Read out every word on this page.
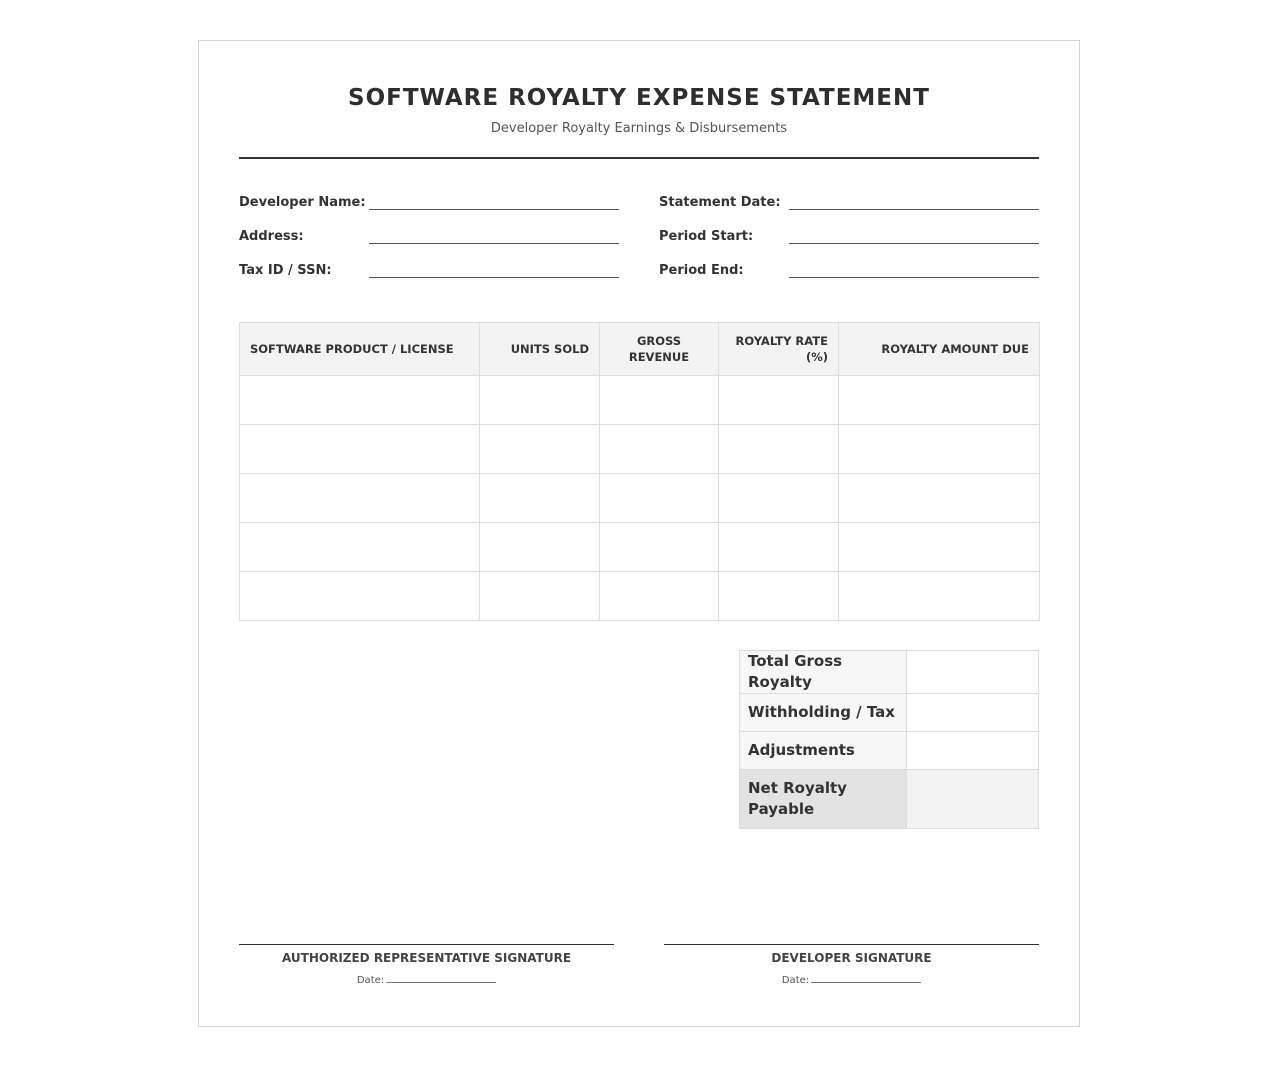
SOFTWARE ROYALTY EXPENSE STATEMENT
Developer Royalty Earnings & Disbursements
Developer Name:
Address:
Tax ID / SSN:
Statement Date:
Period Start:
Period End:
SOFTWARE PRODUCT / LICENSE	UNITS SOLD	GROSS REVENUE	ROYALTY RATE (%)	ROYALTY AMOUNT DUE

Total Gross Royalty	
Withholding / Tax	
Adjustments	
Net Royalty Payable	
AUTHORIZED REPRESENTATIVE SIGNATURE
Date:
DEVELOPER SIGNATURE
Date:
